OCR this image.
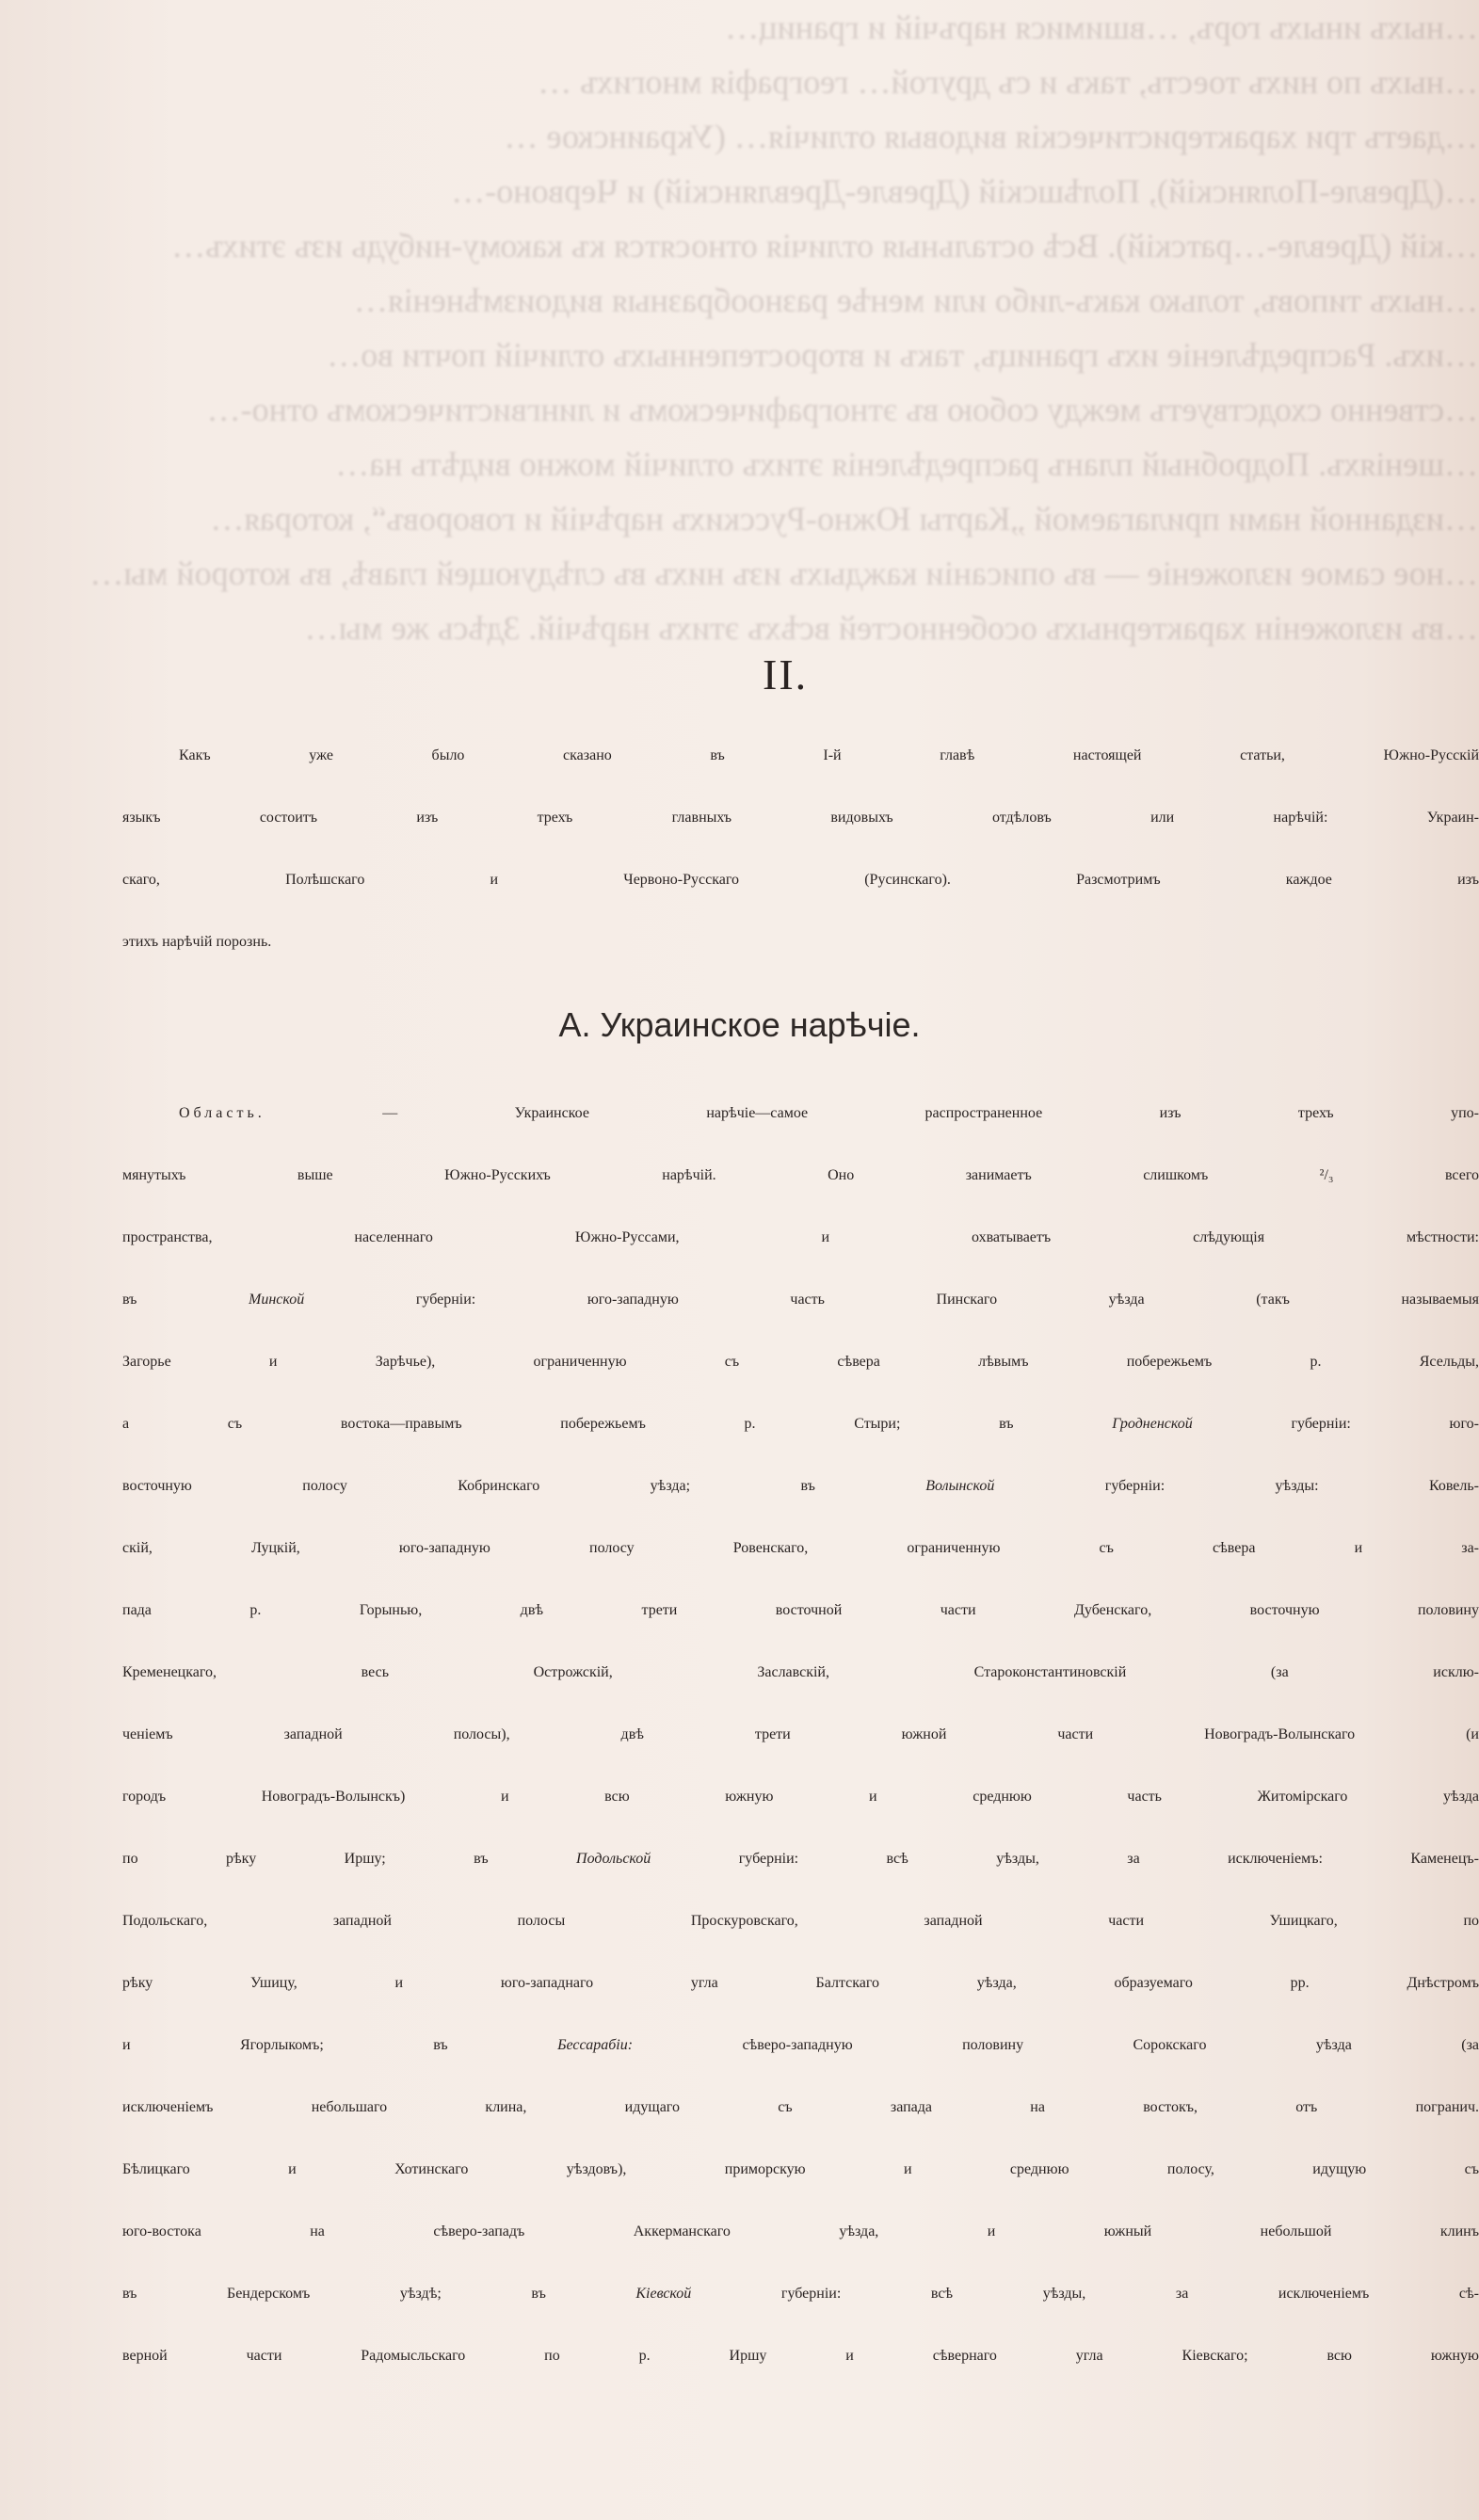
…ныхъ иныхъ горъ, …вшимися наръчій и границ…
…ныхъ по нихъ тоесть, такъ и съ другой… географія многихъ …
…даетъ три характеристическія видовыя отличія… (Украинское …
…(Древле-Полянскій), Полѣшскій (Древле-Древлянскій) и Червоно-…
…кій (Древле-…ратскій). Всѣ остальныя отличія относятся къ какому-нибудь изъ этихъ…
…ныхъ типовъ, только какъ-либо или менѣе разнообразныя видоизмѣненія…
…ихъ. Распредѣленіе ихъ границъ, такъ и второстепенныхъ отличій почти во…
…ственно сходствуетъ между собою въ этнографическомъ и лингвистическомъ отно-…
…шеніяхъ. Подробный планъ распредѣленія этихъ отличій можно видѣть на…
…изданной нами прилагаемой „Карты Южно-Русскихъ нарѣчій и говоровъ“, которая…
…ное самое изложеніе — въ описаніи каждыхъ изъ нихъ въ слѣдующей главѣ, въ которой мы…
…въ изложенін характерныхъ особенностей всѣхъ этихъ нарѣчій. Здѣсь же мы…
II.
Какъ уже было сказано въ I-й главѣ настоящей статьи, Южно-Русскій
языкъ состоитъ изъ трехъ главныхъ видовыхъ отдѣловъ или нарѣчій: Украин-
скаго, Полѣшскаго и Червоно-Русскаго (Русинскаго). Разсмотримъ каждое изъ
этихъ нарѣчій порознь.
А. Украинское нарѣчіе.
Область. — Украинское нарѣчіе—самое распространенное изъ трехъ упо-
мянутыхъ выше Южно-Русскихъ нарѣчій. Оно занимаетъ слишкомъ ²/₃ всего
пространства, населеннаго Южно-Руссами, и охватываетъ слѣдующія мѣстности:
въ Минской губерніи: юго-западную часть Пинскаго уѣзда (такъ называемыя
Загорье и Зарѣчье), ограниченную съ сѣвера лѣвымъ побережьемъ р. Ясельды,
а съ востока—правымъ побережьемъ р. Стыри; въ Гродненской губерніи: юго-
восточную полосу Кобринскаго уѣзда; въ Волынской губерніи: уѣзды: Ковель-
скій, Луцкій, юго-западную полосу Ровенскаго, ограниченную съ сѣвера и за-
пада р. Горынью, двѣ трети восточной части Дубенскаго, восточную половину
Кременецкаго, весь Острожскій, Заславскій, Староконстантиновскій (за исклю-
ченіемъ западной полосы), двѣ трети южной части Новоградъ-Волынскаго (и
городъ Новоградъ-Волынскъ) и всю южную и среднюю часть Житомірскаго уѣзда
по рѣку Иршу; въ Подольской губерніи: всѣ уѣзды, за исключеніемъ: Каменецъ-
Подольскаго, западной полосы Проскуровскаго, западной части Ушицкаго, по
рѣку Ушицу, и юго-западнаго угла Балтскаго уѣзда, образуемаго рр. Днѣстромъ
и Ягорлыкомъ; въ Бессарабіи: сѣверо-западную половину Сорокскаго уѣзда (за
исключеніемъ небольшаго клина, идущаго съ запада на востокъ, отъ погранич.
Бѣлицкаго и Хотинскаго уѣздовъ), приморскую и среднюю полосу, идущую съ
юго-востока на сѣверо-западъ Аккерманскаго уѣзда, и южный небольшой клинъ
въ Бендерскомъ уѣздѣ; въ Кіевской губерніи: всѣ уѣзды, за исключеніемъ сѣ-
верной части Радомысльскаго по р. Иршу и сѣвернаго угла Кіевскаго; всю южную
